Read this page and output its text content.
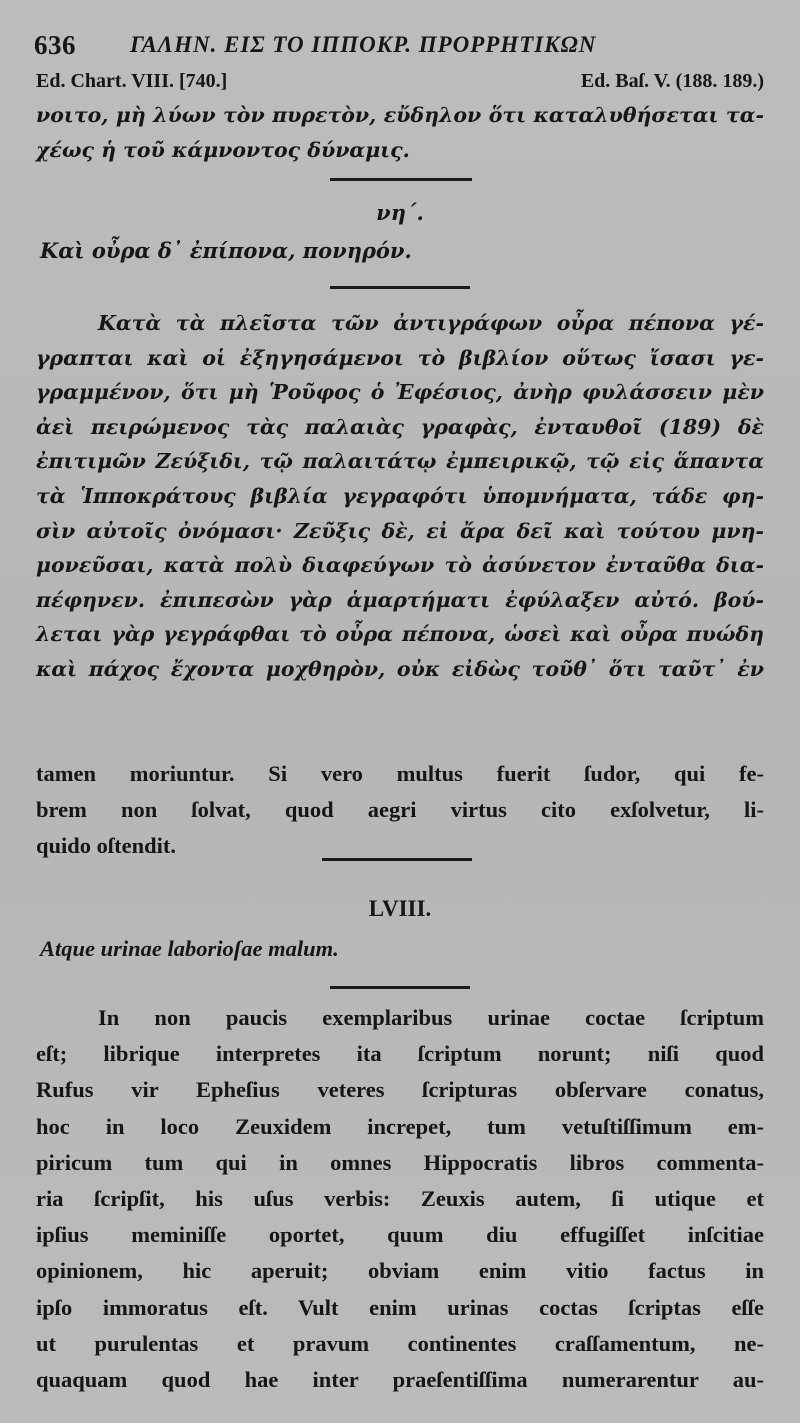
636 ΓΑΛΗΝ. ΕΙΣ ΤΟ ΙΠΠΟΚΡ. ΠΡΟΡΡΗΤΙΚΩΝ
Ed. Chart. VIII. [740.]	Ed. Baſ. V. (188. 189.)

νοιτο, μὴ λύων τὸν πυρετὸν, εὔδηλον ὅτι καταλυθήσεται τα-

χέως ἡ τοῦ κάμνοντος δύναμις.

νη΄.

Καὶ οὖρα δ᾽ ἐπίπονα, πονηρόν.

Κατὰ τὰ πλεῖστα τῶν ἀντιγράφων οὖρα πέπονα γέ-

γραπται καὶ οἱ ἐξηγησάμενοι τὸ βιβλίον οὕτως ἴσασι γε-

γραμμένον, ὅτι μὴ Ῥοῦφος ὁ Ἐφέσιος, ἀνὴρ φυλάσσειν μὲν

ἀεὶ πειρώμενος τὰς παλαιὰς γραφὰς, ἐνταυθοῖ (189) δὲ

ἐπιτιμῶν Ζεύξιδι, τῷ παλαιτάτῳ ἐμπειρικῷ, τῷ εἰς ἅπαντα

τὰ Ἱπποκράτους βιβλία γεγραφότι ὑπομνήματα, τάδε φη-

σὶν αὐτοῖς ὀνόμασι· Ζεῦξις δὲ, εἰ ἄρα δεῖ καὶ τούτου μνη-

μονεῦσαι, κατὰ πολὺ διαφεύγων τὸ ἀσύνετον ἐνταῦθα δια-

πέφηνεν. ἐπιπεσὼν γὰρ ἁμαρτήματι ἐφύλαξεν αὐτό. βού-

λεται γὰρ γεγράφθαι τὸ οὖρα πέπονα, ὡσεὶ καὶ οὖρα πυώδη

καὶ πάχος ἔχοντα μοχθηρὸν, οὐκ εἰδὼς τοῦθ᾽ ὅτι ταῦτ᾽ ἐν

tamen moriuntur. Si vero multus fuerit ſudor, qui fe-

brem non ſolvat, quod aegri virtus cito exſolvetur, li-

quido oſtendit.

LVIII.

Atque urinae laborioſae malum.

In non paucis exemplaribus urinae coctae ſcriptum

eſt; librique interpretes ita ſcriptum norunt; niſi quod

Rufus vir Epheſius veteres ſcripturas obſervare conatus,

hoc in loco Zeuxidem increpet, tum vetuſtiſſimum em-

piricum tum qui in omnes Hippocratis libros commenta-

ria ſcripſit, his uſus verbis: Zeuxis autem, ſi utique et

ipſius meminiſſe oportet, quum diu effugiſſet inſcitiae

opinionem, hic aperuit; obviam enim vitio factus in

ipſo immoratus eſt. Vult enim urinas coctas ſcriptas eſſe

ut purulentas et pravum continentes craſſamentum, ne-

quaquam quod hae inter praeſentiſſima numerarentur au-
